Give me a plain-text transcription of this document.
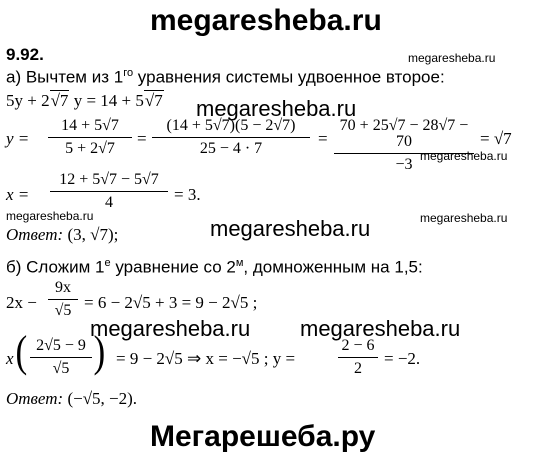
megaresheba.ru
9.92.	megaresheba.ru
а) Вычтем из $1^{го}$ уравнения системы удвоенное второе:
5y + 2√7 y = 14 + 5√7 megaresheba.ru
y =
14 + 5√7
5 + 2√7
=
(14 + 5√7)(5 − 2√7)
25 − 4 · 7
=
70 + 25√7 − 28√7 − 70
−3
= √7
megaresheba.ru
x =
12 + 5√7 − 5√7
4	= 3.
megaresheba.ru	megaresheba.ru
Ответ: (3, √7);	megaresheba.ru
б) Сложим $1^е$ уравнение со $2^м$, домноженным на 1,5:
2x −
9x
√5 = 6 − 2√5 + 3 = 9 − 2√5 ;
megaresheba.ru megaresheba.ru
x ( 2√5 − 9
√5 ) = 9 − 2√5 ⇒ x = −√5 ; y =
2 − 6
2
= −2.
Ответ: (−√5, −2).
Мегарешеба.ру
